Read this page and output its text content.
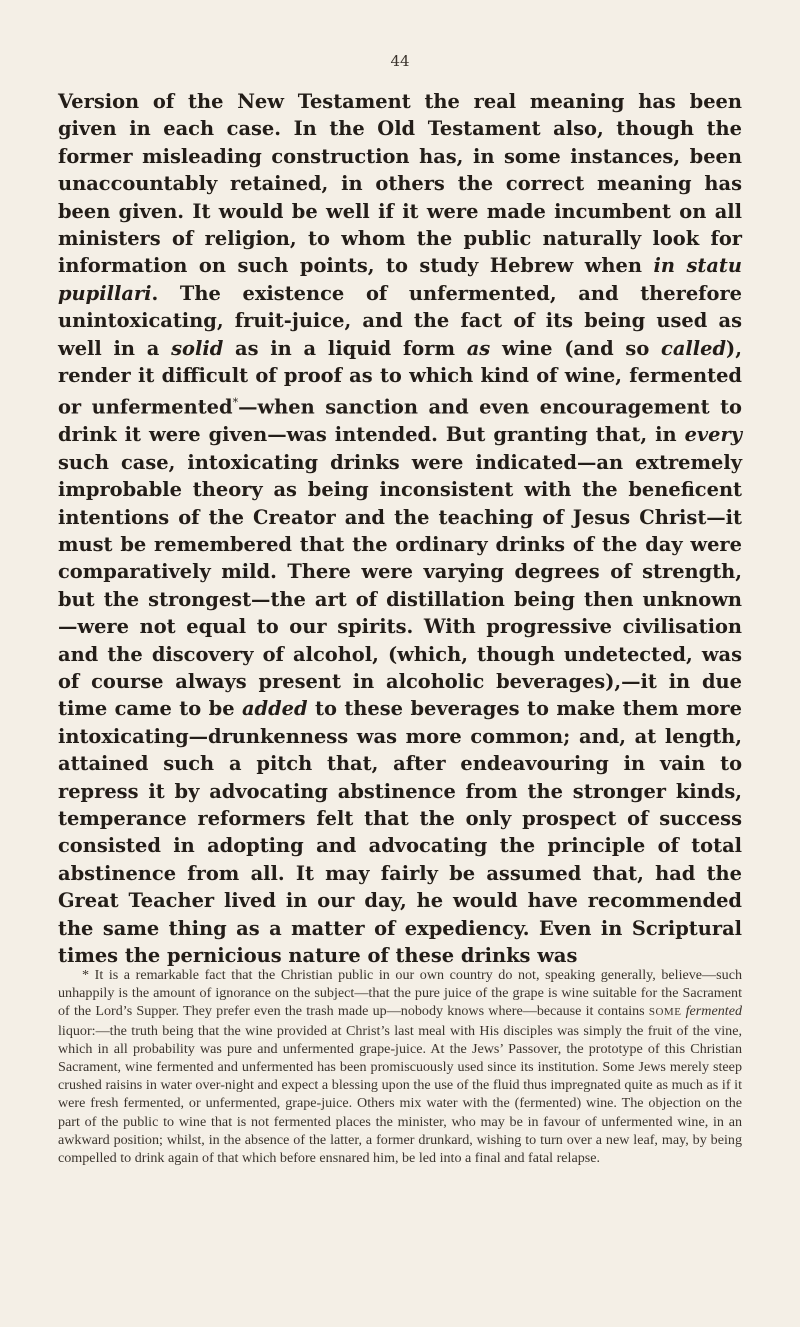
44

Version of the New Testament the real meaning has been given in each case. In the Old Testament also, though the former misleading construction has, in some instances, been unaccountably retained, in others the correct meaning has been given. It would be well if it were made incumbent on all ministers of religion, to whom the public naturally look for information on such points, to study Hebrew when in statu pupillari. The existence of unfermented, and therefore unintoxicating, fruit-juice, and the fact of its being used as well in a solid as in a liquid form as wine (and so called), render it difficult of proof as to which kind of wine, fermented or unfermented*—when sanction and even encouragement to drink it were given—was intended. But granting that, in every such case, intoxicating drinks were indicated—an extremely improbable theory as being inconsistent with the beneficent intentions of the Creator and the teaching of Jesus Christ—it must be remembered that the ordinary drinks of the day were comparatively mild. There were varying degrees of strength, but the strongest—the art of distillation being then unknown—were not equal to our spirits. With progressive civilisation and the discovery of alcohol, (which, though undetected, was of course always present in alcoholic beverages),—it in due time came to be added to these beverages to make them more intoxicating—drunkenness was more common; and, at length, attained such a pitch that, after endeavouring in vain to repress it by advocating abstinence from the stronger kinds, temperance reformers felt that the only prospect of success consisted in adopting and advocating the principle of total abstinence from all. It may fairly be assumed that, had the Great Teacher lived in our day, he would have recommended the same thing as a matter of expediency. Even in Scriptural times the pernicious nature of these drinks was

* It is a remarkable fact that the Christian public in our own country do not, speaking generally, believe—such unhappily is the amount of ignorance on the subject—that the pure juice of the grape is wine suitable for the Sacrament of the Lord’s Supper. They prefer even the trash made up—nobody knows where—because it contains SOME fermented liquor:—the truth being that the wine provided at Christ’s last meal with His disciples was simply the fruit of the vine, which in all probability was pure and unfermented grape-juice. At the Jews’ Passover, the prototype of this Christian Sacrament, wine fermented and unfermented has been promiscuously used since its institution. Some Jews merely steep crushed raisins in water over-night and expect a blessing upon the use of the fluid thus impregnated quite as much as if it were fresh fermented, or unfermented, grape-juice. Others mix water with the (fermented) wine. The objection on the part of the public to wine that is not fermented places the minister, who may be in favour of unfermented wine, in an awkward position; whilst, in the absence of the latter, a former drunkard, wishing to turn over a new leaf, may, by being compelled to drink again of that which before ensnared him, be led into a final and fatal relapse.
